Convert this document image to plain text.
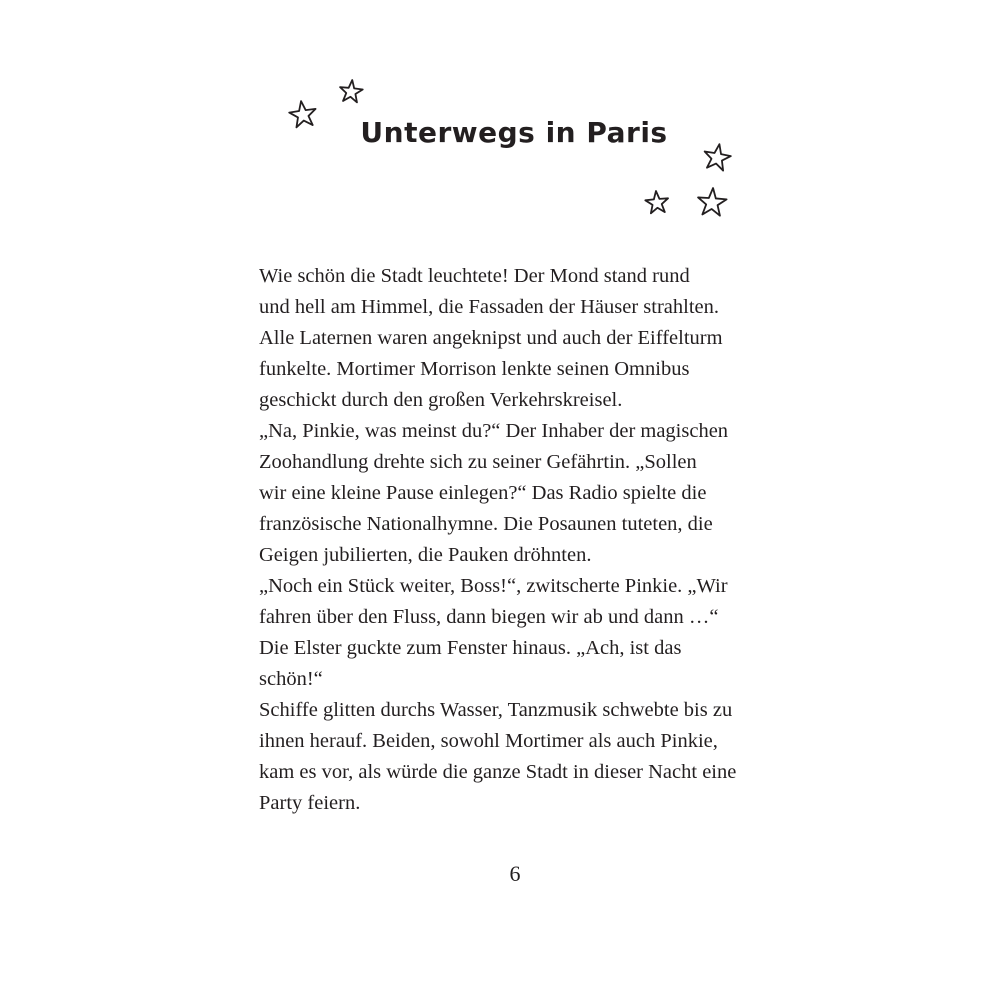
Unterwegs in Paris
Wie schön die Stadt leuchtete! Der Mond stand rund
und hell am Himmel, die Fassaden der Häuser strahlten.
Alle Laternen waren angeknipst und auch der Eiffelturm
funkelte. Mortimer Morrison lenkte seinen Omnibus
geschickt durch den großen Verkehrskreisel.
„Na, Pinkie, was meinst du?“ Der Inhaber der magischen
Zoohandlung drehte sich zu seiner Gefährtin. „Sollen
wir eine kleine Pause einlegen?“ Das Radio spielte die
französische Nationalhymne. Die Posaunen tuteten, die
Geigen jubilierten, die Pauken dröhnten.
„Noch ein Stück weiter, Boss!“, zwitscherte Pinkie. „Wir
fahren über den Fluss, dann biegen wir ab und dann …“
Die Elster guckte zum Fenster hinaus. „Ach, ist das
schön!“
Schiffe glitten durchs Wasser, Tanzmusik schwebte bis zu
ihnen herauf. Beiden, sowohl Mortimer als auch Pinkie,
kam es vor, als würde die ganze Stadt in dieser Nacht eine
Party feiern.
6
